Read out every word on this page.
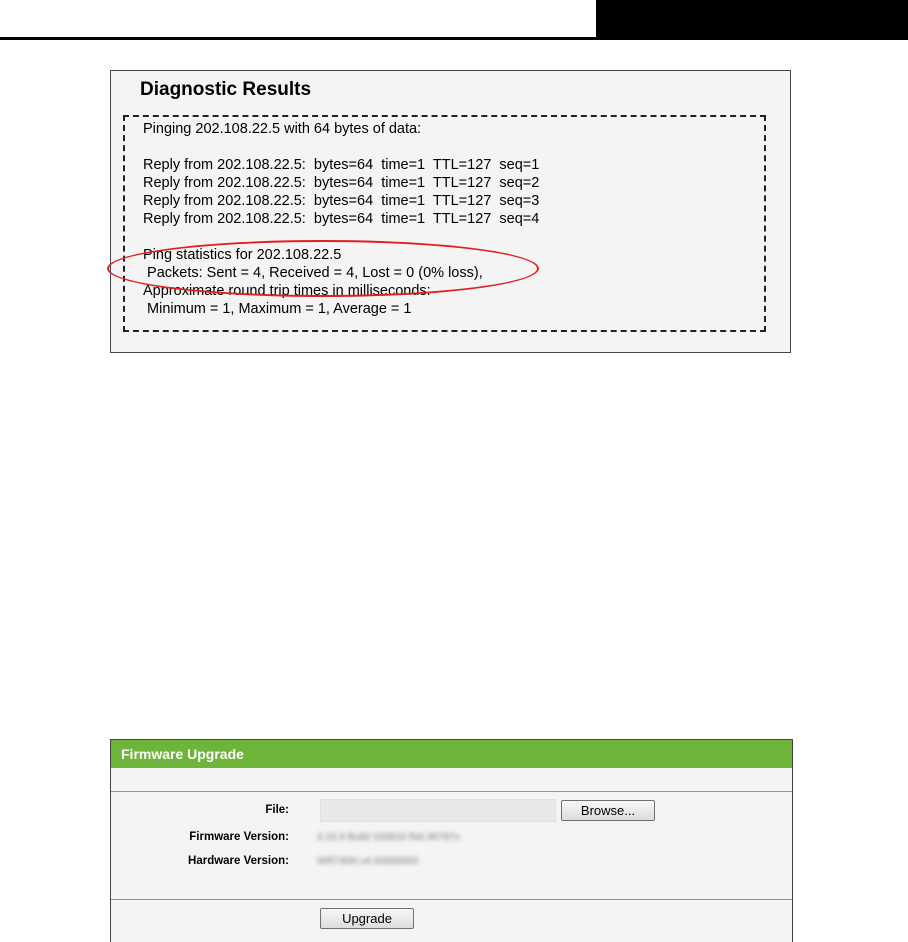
Diagnostic Results
Pinging 202.108.22.5 with 64 bytes of data:
Reply from 202.108.22.5:  bytes=64  time=1  TTL=127  seq=1
Reply from 202.108.22.5:  bytes=64  time=1  TTL=127  seq=2
Reply from 202.108.22.5:  bytes=64  time=1  TTL=127  seq=3
Reply from 202.108.22.5:  bytes=64  time=1  TTL=127  seq=4
Ping statistics for 202.108.22.5
Packets: Sent = 4, Received = 4, Lost = 0 (0% loss),
Approximate round trip times in milliseconds:
Minimum = 1, Maximum = 1, Average = 1
Firmware Upgrade
File:	Browse...
Firmware Version:	3.16.9 Build 150616 Rel.36797n
Hardware Version:	WR740N v4 00000000
Upgrade
